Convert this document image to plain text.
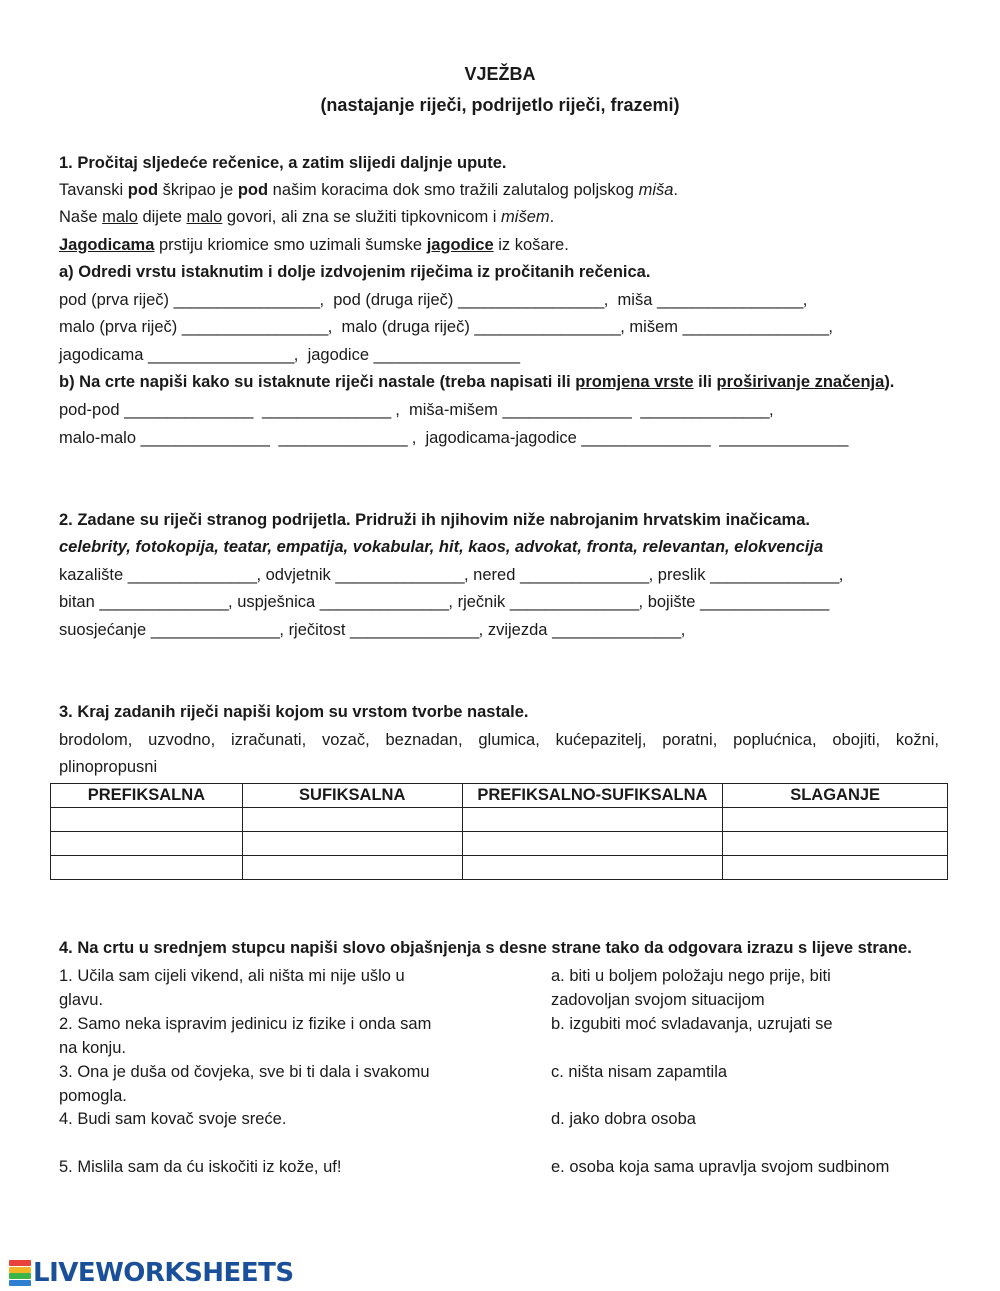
VJEŽBA
(nastajanje riječi, podrijetlo riječi, frazemi)
1. Pročitaj sljedeće rečenice, a zatim slijedi daljnje upute.
Tavanski pod škripao je pod našim koracima dok smo tražili zalutalog poljskog miša.
Naše malo dijete malo govori, ali zna se služiti tipkovnicom i mišem.
Jagodicama prstiju kriomice smo uzimali šumske jagodice iz košare.
a) Odredi vrstu istaknutim i dolje izdvojenim riječima iz pročitanih rečenica.
pod (prva riječ) _________________,  pod (druga riječ) _________________,  miša _________________,
malo (prva riječ) _________________,  malo (druga riječ) _________________, mišem _________________,
jagodicama _________________,  jagodice _________________
b) Na crte napiši kako su istaknute riječi nastale (treba napisati ili promjena vrste ili proširivanje značenja).
pod-pod _______________ _______________ ,  miša-mišem _______________ _______________,
malo-malo _______________ _______________ ,  jagodicama-jagodice _______________ _______________
2. Zadane su riječi stranog podrijetla. Pridruži ih njihovim niže nabrojanim hrvatskim inačicama.
celebrity, fotokopija, teatar, empatija, vokabular, hit, kaos, advokat, fronta, relevantan, elokvencija
kazalište _______________, odvjetnik _______________, nered _______________, preslik _______________,
bitan _______________, uspješnica _______________, rječnik _______________, bojište _______________
suosjećanje _______________, rječitost _______________, zvijezda _______________,
3. Kraj zadanih riječi napiši kojom su vrstom tvorbe nastale.
brodolom, uzvodno, izračunati, vozač, beznadan, glumica, kućepazitelj, poratni, poplućnica, obojiti, kožni,
plinopropusni
PREFIKSALNA	SUFIKSALNA	PREFIKSALNO-SUFIKSALNA	SLAGANJE

4. Na crtu u srednjem stupcu napiši slovo objašnjenja s desne strane tako da odgovara izrazu s lijeve strane.
1. Učila sam cijeli vikend, ali ništa mi nije ušlo u glavu.
2. Samo neka ispravim jedinicu iz fizike i onda sam na konju.
3. Ona je duša od čovjeka, sve bi ti dala i svakomu pomogla.
4. Budi sam kovač svoje sreće.
5. Mislila sam da ću iskočiti iz kože, uf!
a. biti u boljem položaju nego prije, biti zadovoljan svojom situacijom
b. izgubiti moć svladavanja, uzrujati se
c. ništa nisam zapamtila
d. jako dobra osoba
e. osoba koja sama upravlja svojom sudbinom
LIVEWORKSHEETS
